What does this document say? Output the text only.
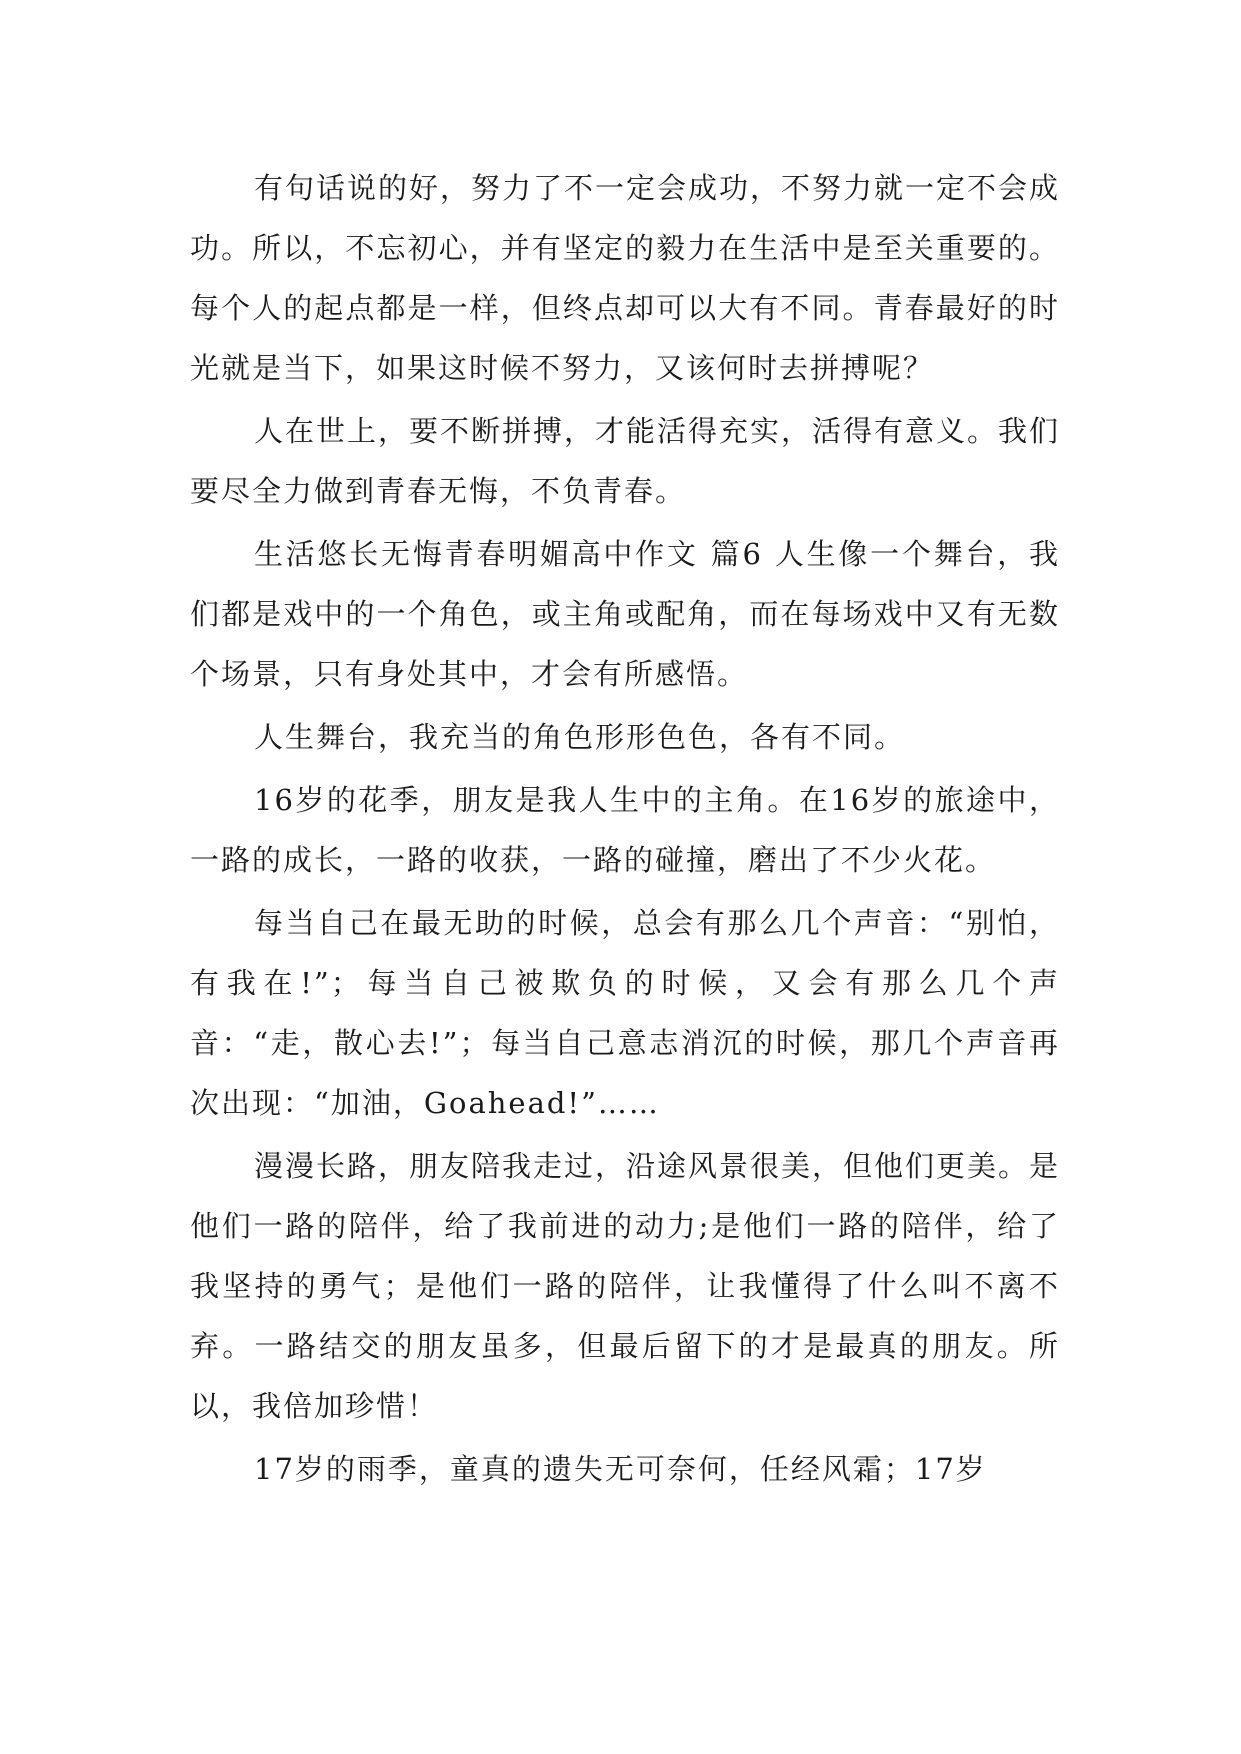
有句话说的好，努力了不一定会成功，不努力就一定不会成功。所以，不忘初心，并有坚定的毅力在生活中是至关重要的。每个人的起点都是一样，但终点却可以大有不同。青春最好的时光就是当下，如果这时候不努力，又该何时去拼搏呢？

人在世上，要不断拼搏，才能活得充实，活得有意义。我们要尽全力做到青春无悔，不负青春。

生活悠长无悔青春明媚高中作文 篇6 人生像一个舞台，我们都是戏中的一个角色，或主角或配角，而在每场戏中又有无数个场景，只有身处其中，才会有所感悟。

人生舞台，我充当的角色形形色色，各有不同。

16岁的花季，朋友是我人生中的主角。在16岁的旅途中，一路的成长，一路的收获，一路的碰撞，磨出了不少火花。

每当自己在最无助的时候，总会有那么几个声音：“别怕，有我在!”；每当自己被欺负的时候，又会有那么几个声音：“走，散心去!”；每当自己意志消沉的时候，那几个声音再次出现：“加油，Goahead!”……

漫漫长路，朋友陪我走过，沿途风景很美，但他们更美。是他们一路的陪伴，给了我前进的动力;是他们一路的陪伴，给了我坚持的勇气；是他们一路的陪伴，让我懂得了什么叫不离不弃。一路结交的朋友虽多，但最后留下的才是最真的朋友。所以，我倍加珍惜！

17岁的雨季，童真的遗失无可奈何，任经风霜；17岁
